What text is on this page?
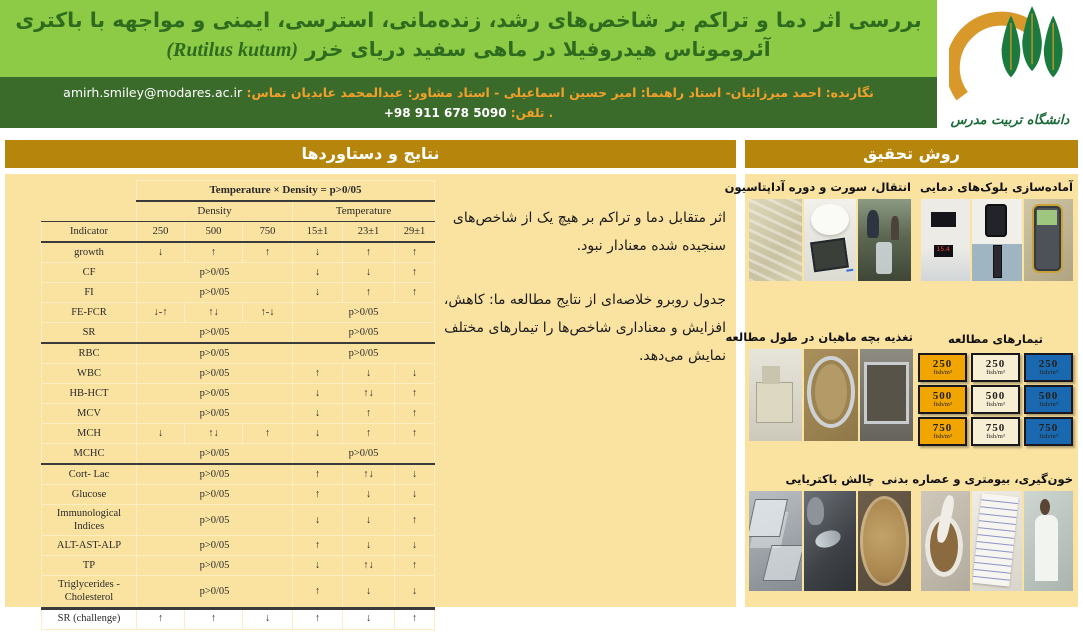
بررسی اثر دما و تراکم بر شاخص‌های رشد، زنده‌مانی، استرسی، ایمنی و مواجهه با باکتری
آئروموناس هیدروفیلا در ماهی سفید دریای خزر (Rutilus kutum)
نگارنده: احمد میرزائیان- استاد راهنما: امیر حسین اسماعیلی - استاد مشاور: عبدالمحمد عابدیان تماس: amirh.smiley@modares.ac.ir
. تلفن: +98 911 678 5090	دانشگاه تربیت مدرس
نتایج و دستاوردها	روش تحقیق
	Temperature × Density = p>0/05					
	Density			Temperature		
Indicator	250	500	750	15±1	23±1	29±1
growth	↓	↑	↑	↓	↑	↑
CF	p>0/05			↓	↓	↑
FI	p>0/05			↓	↑	↑
FE-FCR	↓-↑	↑↓	↑-↓	p>0/05		
SR	p>0/05			p>0/05		
RBC	p>0/05			p>0/05		
WBC	p>0/05			↑	↓	↓
HB-HCT	p>0/05			↓	↑↓	↑
MCV	p>0/05			↓	↑	↑
MCH	↓	↑↓	↑	↓	↑	↑
MCHC	p>0/05			p>0/05		
Cort- Lac	p>0/05			↑	↑↓	↓
Glucose	p>0/05			↑	↓	↓
Immunological Indices	p>0/05			↓	↓	↑
ALT-AST-ALP	p>0/05			↑	↓	↓
TP	p>0/05			↓	↑↓	↑
Triglycerides - Cholesterol	p>0/05			↑	↓	↓
SR (challenge)	↑	↑	↓	↑	↓	↑

اثر متقابل دما و تراکم بر هیچ یک از شاخص‌های سنجیده شده معنادار نبود.

جدول روبرو خلاصه‌ای از نتایج مطالعه ما: کاهش، افزایش و معناداری شاخص‌ها را تیمارهای مختلف نمایش می‌دهد.

آماده‌سازی بلوک‌های دمایی
15.4
انتقال، سورت و دوره آداپتاسیون
تیمارهای مطالعه
250
fish/m³
250
fish/m³
250
fish/m³
500
fish/m³
500
fish/m³
500
fish/m³
750
fish/m³
750
fish/m³
750
fish/m³
تغذیه بچه ماهیان در طول مطالعه
خون‌گیری، بیومتری و عصاره بدنی
چالش باکتریایی
